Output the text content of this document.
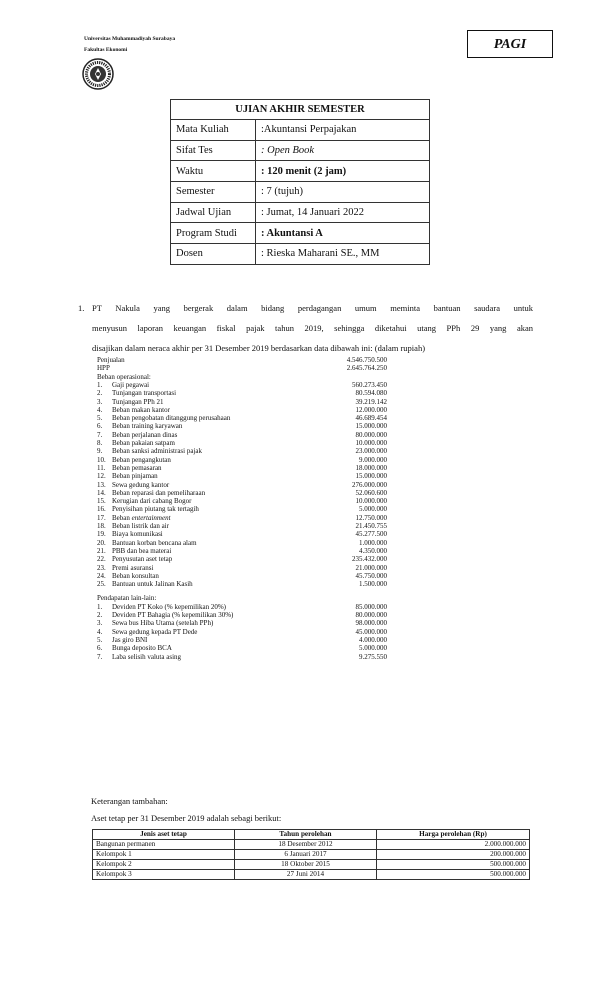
Universitas Muhammadiyah Surabaya
Fakultas Ekonomi	PAGI
UJIAN AKHIR SEMESTER	
Mata Kuliah	:Akuntansi Perpajakan
Sifat Tes	: Open Book
Waktu	: 120 menit (2 jam)
Semester	: 7 (tujuh)
Jadwal Ujian	: Jumat, 14 Januari 2022
Program Studi	: Akuntansi A
Dosen	: Rieska Maharani SE., MM
1. PT Nakula yang bergerak dalam bidang perdagangan umum meminta bantuan saudara untuk
menyusun laporan keuangan fiskal pajak tahun 2019, sehingga diketahui utang PPh 29 yang akan
disajikan dalam neraca akhir per 31 Desember 2019 berdasarkan data dibawah ini: (dalam rupiah)
Penjualan	4.546.750.500
HPP	2.645.764.250
Beban operasional:
1. Gaji pegawai	560.273.450
2. Tunjangan transportasi	80.594.080
3. Tunjangan PPh 21	39.219.142
4. Beban makan kantor	12.000.000
5. Beban pengobatan ditanggung perusahaan	46.689.454
6. Beban training karyawan	15.000.000
7. Beban perjalanan dinas	80.000.000
8. Beban pakaian satpam	10.000.000
9. Beban sanksi administrasi pajak	23.000.000
10. Beban pengangkutan	9.000.000
11. Beban pemasaran	18.000.000
12. Beban pinjaman	15.000.000
13. Sewa gedung kantor	276.000.000
14. Beban reparasi dan pemeliharaan	52.060.600
15. Kerugian dari cabang Bogor	10.000.000
16. Penyisihan piutang tak tertagih	5.000.000
17. Beban entertainment	12.750.000
18. Beban listrik dan air	21.450.755
19. Biaya komunikasi	45.277.500
20. Bantuan korban bencana alam	1.000.000
21. PBB dan bea materai	4.350.000
22. Penyusutan aset tetap	235.432.000
23. Premi asuransi	21.000.000
24. Beban konsultan	45.750.000
25. Bantuan untuk Jalinan Kasih	1.500.000
Pendapatan lain-lain:
1. Deviden PT Koko (% kepemilikan 20%)	85.000.000
2. Deviden PT Bahagia (% kepemilikan 30%)	80.000.000
3. Sewa bus Hiba Utama (setelah PPh)	98.000.000
4. Sewa gedung kepada PT Dede	45.000.000
5. Jas giro BNI	4.000.000
6. Bunga deposito BCA	5.000.000
7. Laba selisih valuta asing	9.275.550
Keterangan tambahan:
Aset tetap per 31 Desember 2019 adalah sebagi berikut:
Jenis aset tetap	Tahun perolehan	Harga perolehan (Rp)
Bangunan permanen	18 Desember 2012	2.000.000.000
Kelompok 1	6 Januari 2017	200.000.000
Kelompok 2	18 Oktober 2015	500.000.000
Kelompok 3	27 Juni 2014	500.000.000
